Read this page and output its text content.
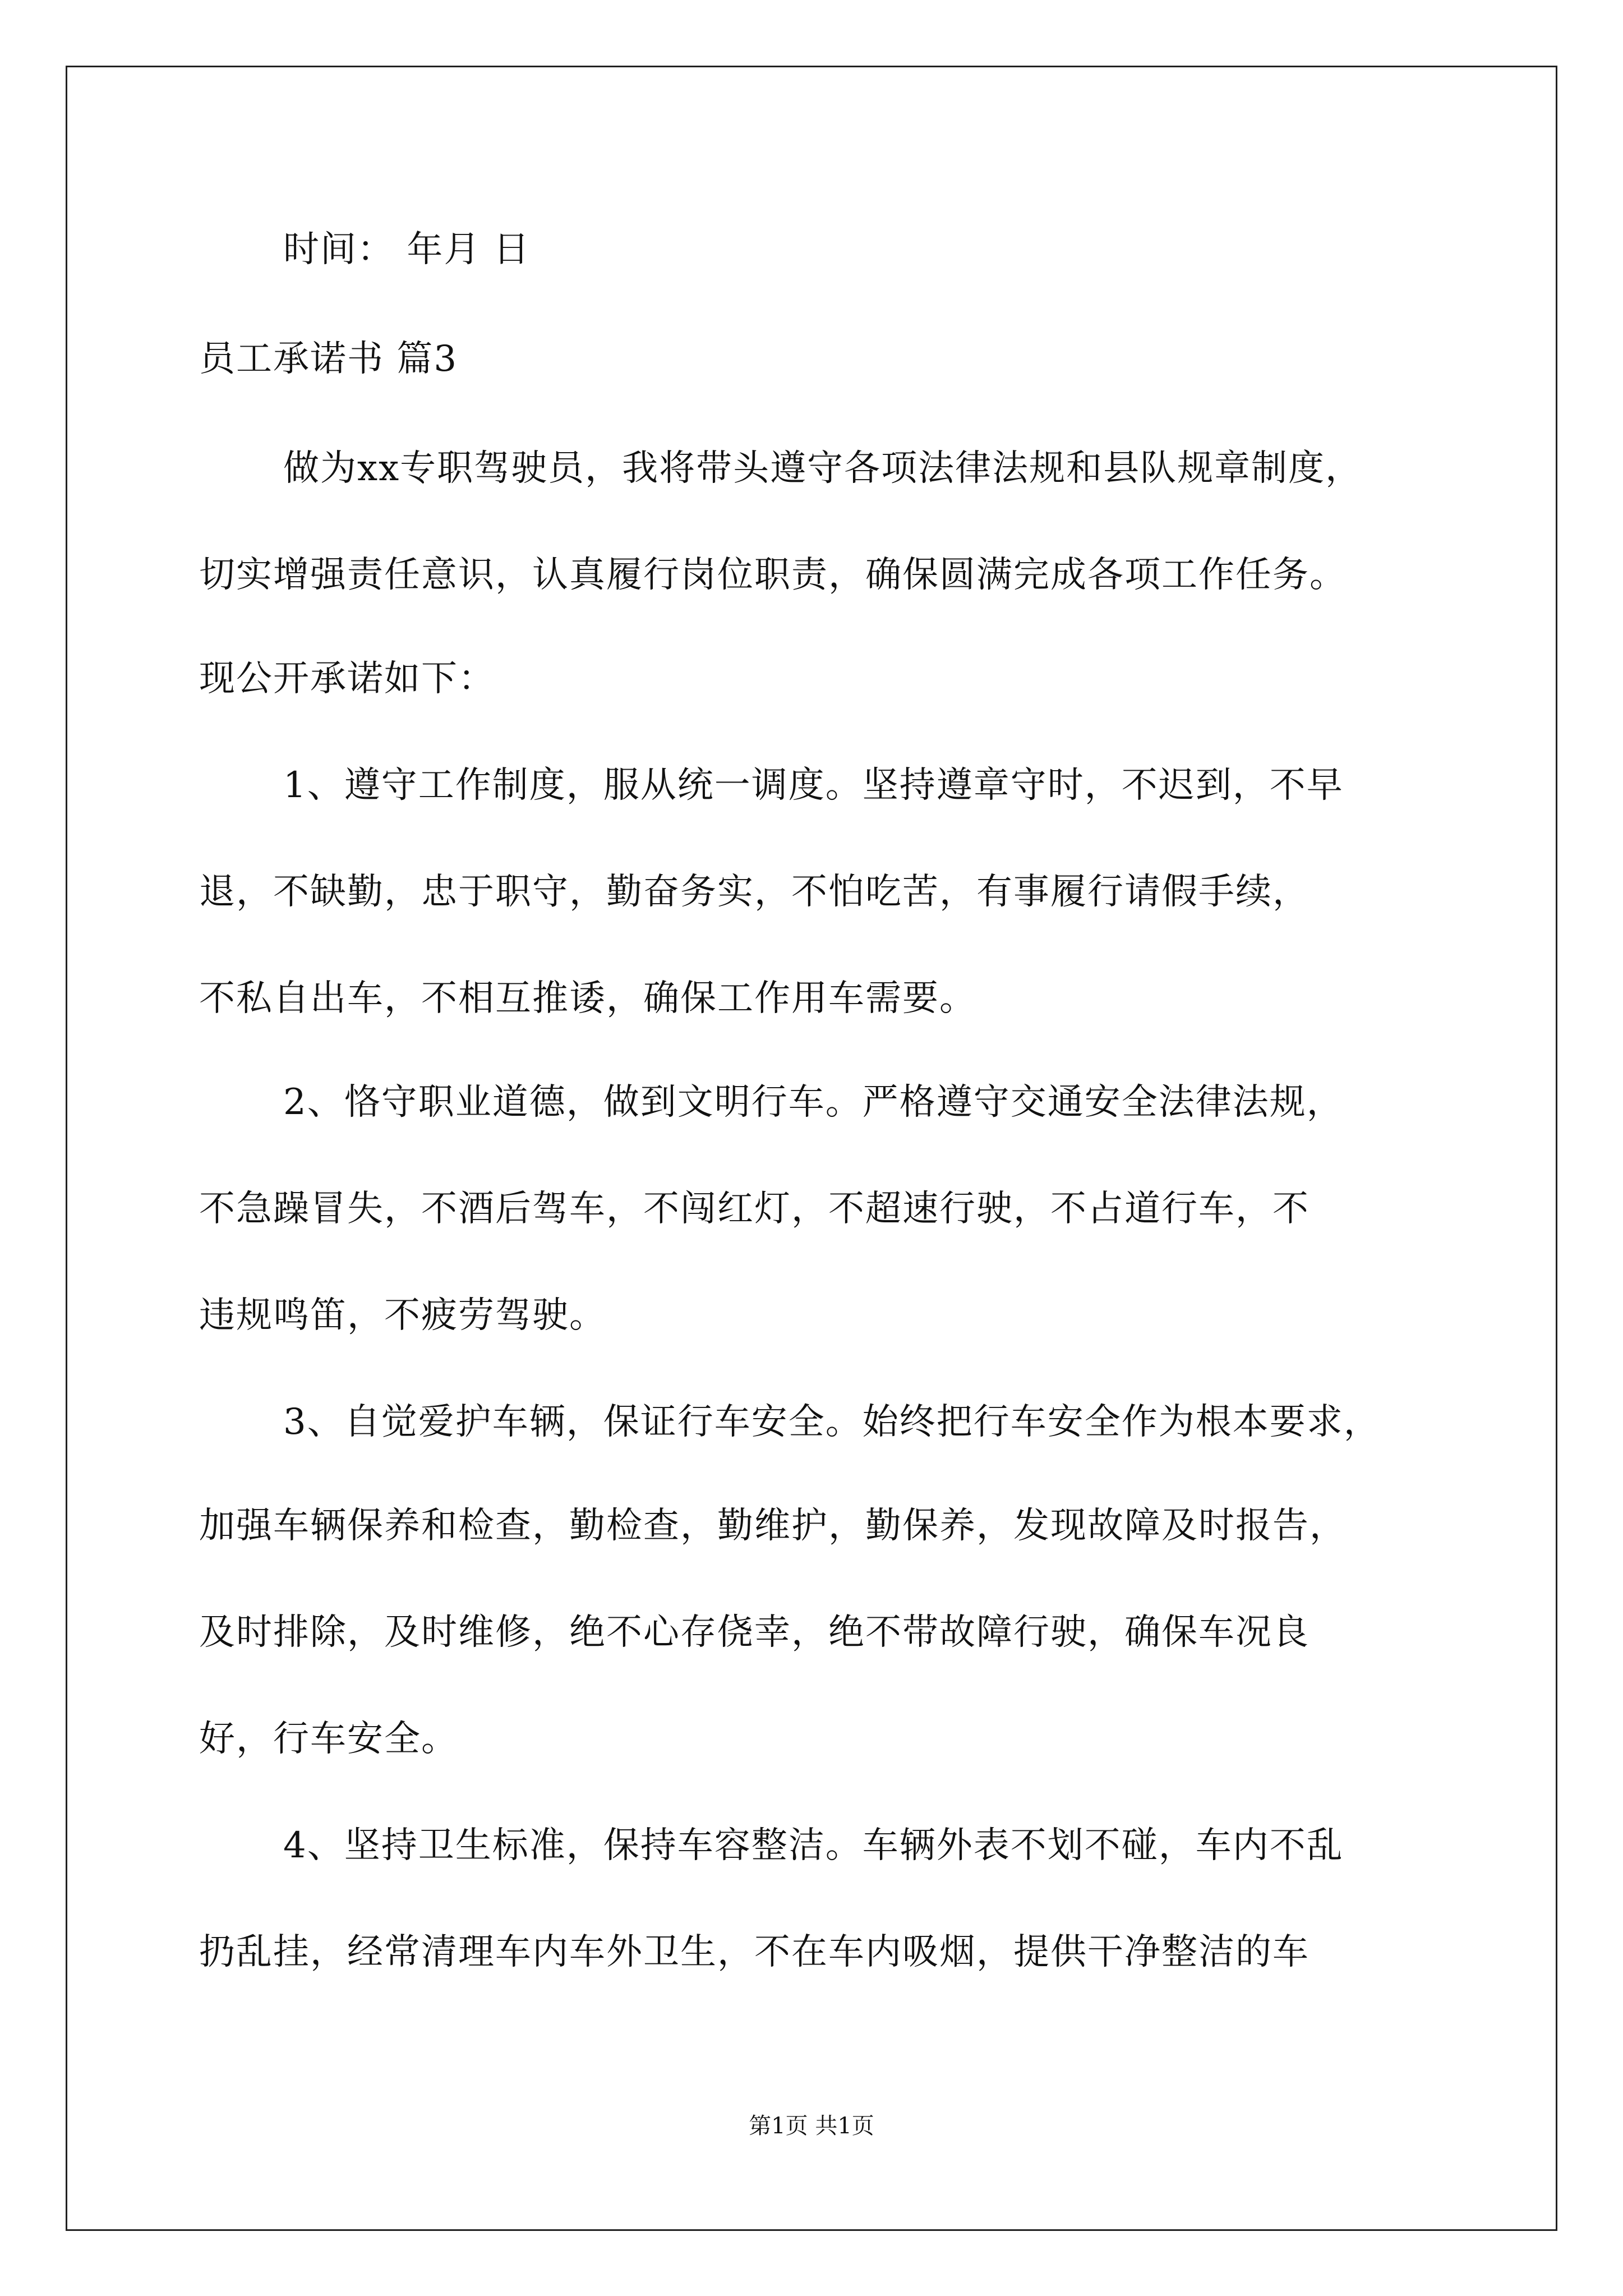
时间： 年月 日
员工承诺书 篇3
做为xx专职驾驶员，我将带头遵守各项法律法规和县队规章制度，
切实增强责任意识，认真履行岗位职责，确保圆满完成各项工作任务。
现公开承诺如下：
1、遵守工作制度，服从统一调度。坚持遵章守时，不迟到，不早
退，不缺勤，忠于职守，勤奋务实，不怕吃苦，有事履行请假手续，
不私自出车，不相互推诿，确保工作用车需要。
2、恪守职业道德，做到文明行车。严格遵守交通安全法律法规，
不急躁冒失，不酒后驾车，不闯红灯，不超速行驶，不占道行车，不
违规鸣笛，不疲劳驾驶。
3、自觉爱护车辆，保证行车安全。始终把行车安全作为根本要求，
加强车辆保养和检查，勤检查，勤维护，勤保养，发现故障及时报告，
及时排除，及时维修，绝不心存侥幸，绝不带故障行驶，确保车况良
好，行车安全。
4、坚持卫生标准，保持车容整洁。车辆外表不划不碰，车内不乱
扔乱挂，经常清理车内车外卫生，不在车内吸烟，提供干净整洁的车
第1页 共1页
